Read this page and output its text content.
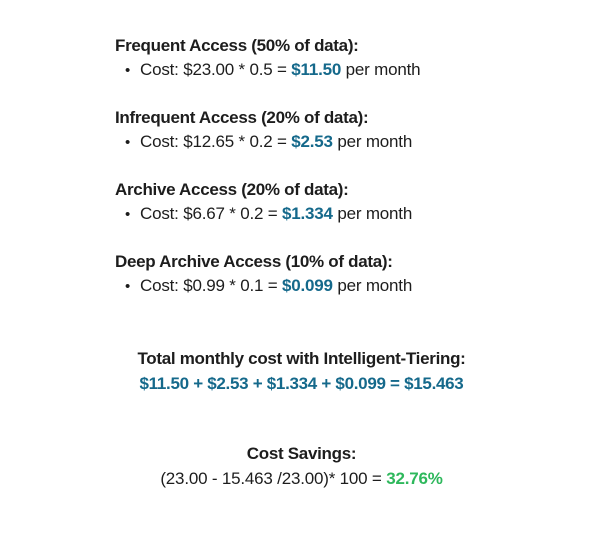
Frequent Access (50% of data):
• Cost: $23.00 * 0.5 = $11.50 per month

Infrequent Access (20% of data):
• Cost: $12.65 * 0.2 = $2.53 per month

Archive Access (20% of data):
• Cost: $6.67 * 0.2 = $1.334 per month

Deep Archive Access (10% of data):
• Cost: $0.99 * 0.1 = $0.099 per month

Total monthly cost with Intelligent-Tiering:

$11.50 + $2.53 + $1.334 + $0.099 = $15.463

Cost Savings:

(23.00 - 15.463 /23.00)* 100 = 32.76%
